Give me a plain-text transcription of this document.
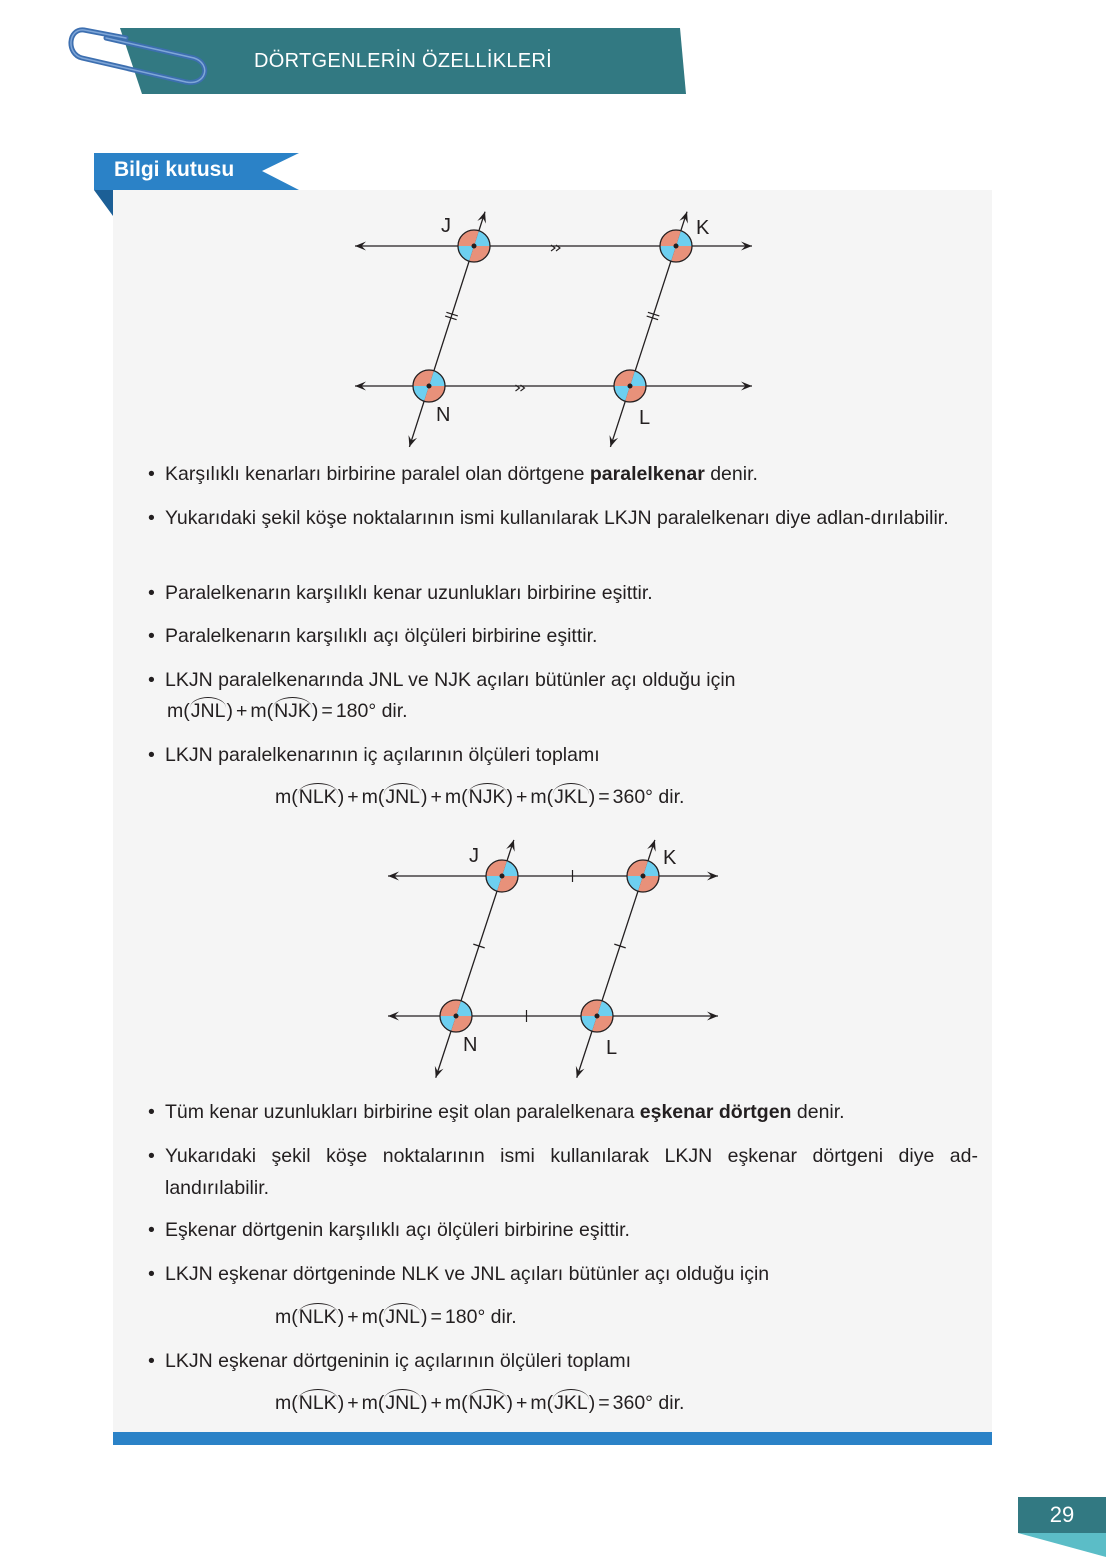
DÖRTGENLERİN ÖZELLİKLERİ
Bilgi kutusu
J	K
N	L
J	K
N	L
• Karşılıklı kenarları birbirine paralel olan dörtgene paralelkenar denir.
• Yukarıdaki şekil köşe noktalarının ismi kullanılarak LKJN paralelkenarı diye adlan-dırılabilir.
• Paralelkenarın karşılıklı kenar uzunlukları birbirine eşittir.
• Paralelkenarın karşılıklı açı ölçüleri birbirine eşittir.
• LKJN paralelkenarında JNL ve NJK açıları bütünler açı olduğu için
m(JNL) + m(NJK) = 180° dir.
• LKJN paralelkenarının iç açılarının ölçüleri toplamı
m(NLK) + m(JNL) + m(NJK) + m(JKL) = 360° dir.
• Tüm kenar uzunlukları birbirine eşit olan paralelkenara eşkenar dörtgen denir.
• Yukarıdaki şekil köşe noktalarının ismi kullanılarak LKJN eşkenar dörtgeni diye ad-landırılabilir.
• Eşkenar dörtgenin karşılıklı açı ölçüleri birbirine eşittir.
• LKJN eşkenar dörtgeninde NLK ve JNL açıları bütünler açı olduğu için
m(NLK) + m(JNL) = 180° dir.
• LKJN eşkenar dörtgeninin iç açılarının ölçüleri toplamı
m(NLK) + m(JNL) + m(NJK) + m(JKL) = 360° dir.
29
